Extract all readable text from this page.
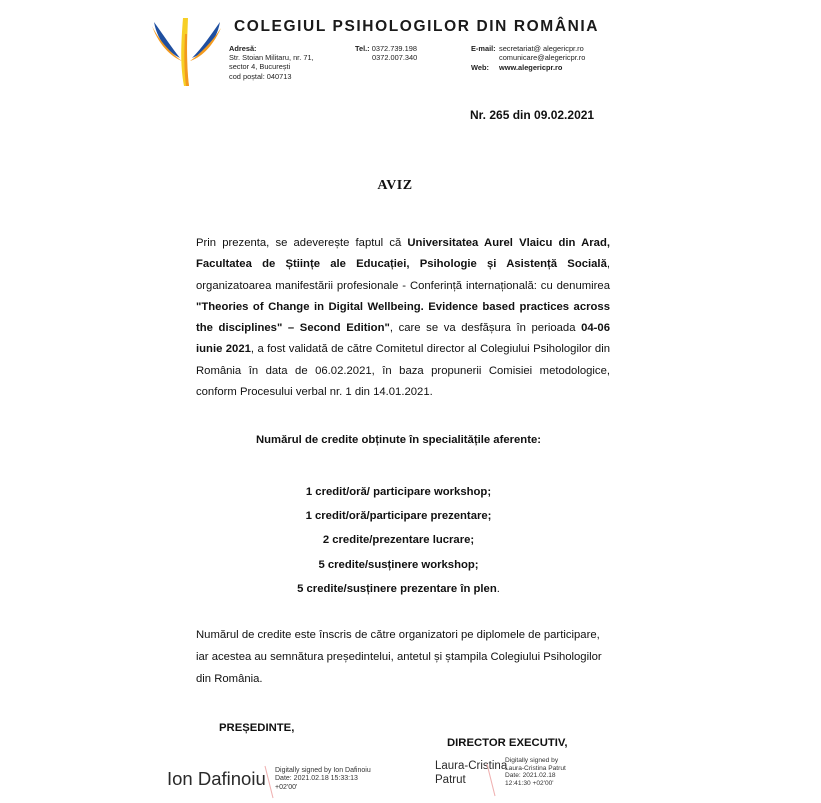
COLEGIUL PSIHOLOGILOR DIN ROMÂNIA
Adresă:
Str. Stoian Militaru, nr. 71,
sector 4, București
cod poștal: 040713
Tel.: 0372.739.198
0372.007.340
E-mail: secretariat@ alegericpr.ro
comunicare@alegericpr.ro
Web: www.alegericpr.ro
Nr. 265 din 09.02.2021
AVIZ
Prin prezenta, se adeverește faptul că Universitatea Aurel Vlaicu din Arad, Facultatea de Științe ale Educației, Psihologie și Asistență Socială, organizatoarea manifestării profesionale - Conferință internațională: cu denumirea "Theories of Change in Digital Wellbeing. Evidence based practices across the disciplines" – Second Edition", care se va desfășura în perioada 04-06 iunie 2021, a fost validată de către Comitetul director al Colegiului Psihologilor din România în data de 06.02.2021, în baza propunerii Comisiei metodologice, conform Procesului verbal nr. 1 din 14.01.2021.
Numărul de credite obținute în specialitățile aferente:
1 credit/oră/ participare workshop;
1 credit/oră/participare prezentare;
2 credite/prezentare lucrare;
5 credite/susținere workshop;
5 credite/susținere prezentare în plen.
Numărul de credite este înscris de către organizatori pe diplomele de participare, iar acestea au semnătura președintelui, antetul și ștampila Colegiului Psihologilor din România.
PREȘEDINTE,
DIRECTOR EXECUTIV,
Ion Dafinoiu Digitally signed by Ion Dafinoiu
Date: 2021.02.18 15:33:13
+02'00'
Laura-Cristina
Patrut
Digitally signed by
Laura-Cristina Patrut
Date: 2021.02.18
12:41:30 +02'00'
